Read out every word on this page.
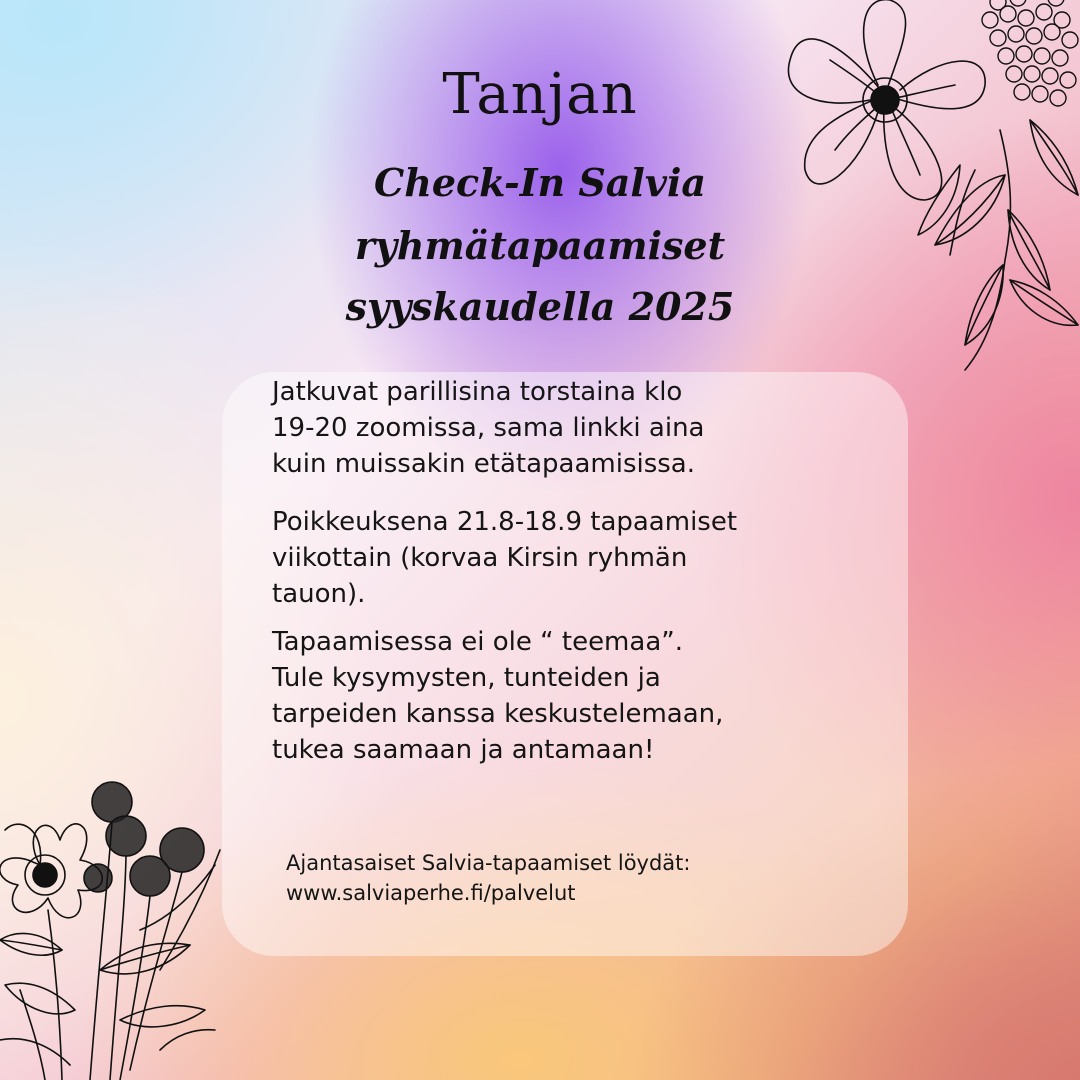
Tanjan
Check-In Salvia
ryhmätapaamiset
syyskaudella 2025
Jatkuvat parillisina torstaina klo
19-20 zoomissa, sama linkki aina
kuin muissakin etätapaamisissa.
Poikkeuksena 21.8-18.9 tapaamiset
viikottain (korvaa Kirsin ryhmän
tauon).
Tapaamisessa ei ole “ teemaa”.
Tule kysymysten, tunteiden ja
tarpeiden kanssa keskustelemaan,
tukea saamaan ja antamaan!
Ajantasaiset Salvia-tapaamiset löydät:
www.salviaperhe.fi/palvelut
